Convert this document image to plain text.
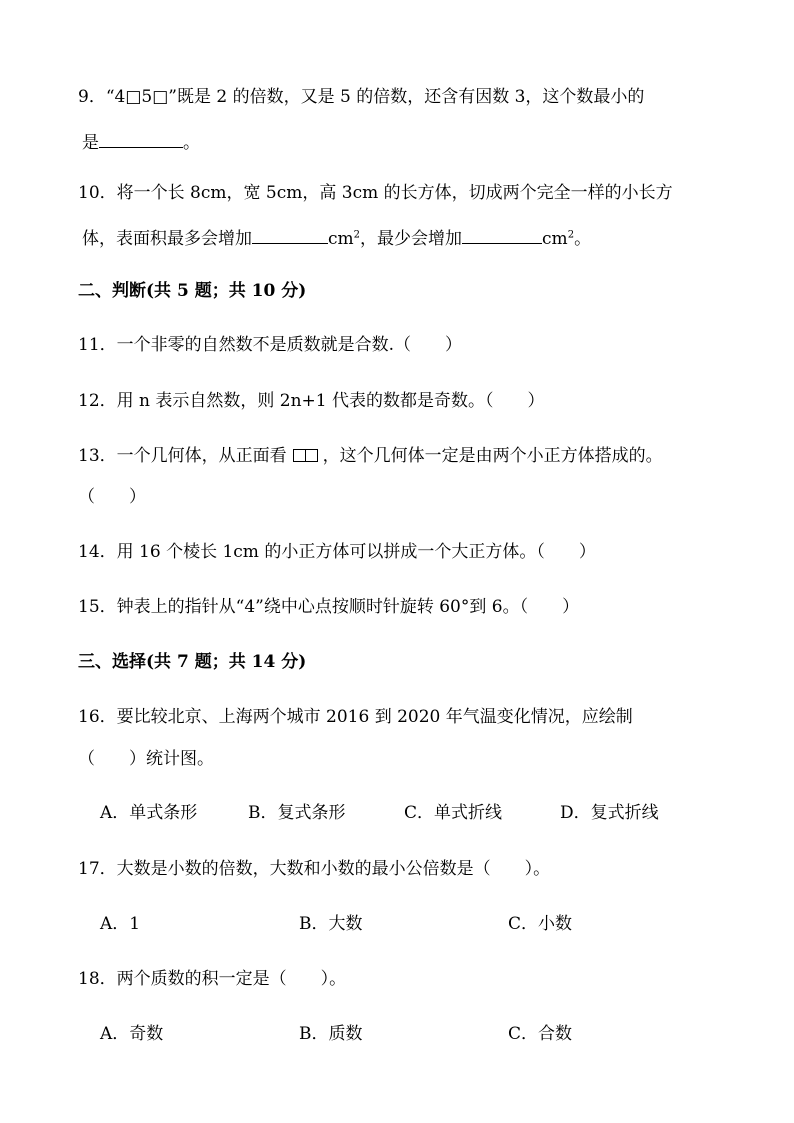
9．“4□5□”既是 2 的倍数，又是 5 的倍数，还含有因数 3，这个数最小的
是	。
10．将一个长 8cm，宽 5cm，高 3cm 的长方体，切成两个完全一样的小长方
体，表面积最多会增加	$cm^2$，最少会增加	$cm^2$。
二、判断(共 5 题；共 10 分)
11．一个非零的自然数不是质数就是合数.（　　）
12．用 n 表示自然数，则 2n+1 代表的数都是奇数。（　　）
13．一个几何体，从正面看 ，这个几何体一定是由两个小正方体搭成的。
（　　）
14．用 16 个棱长 1cm 的小正方体可以拼成一个大正方体。（　　）
15．钟表上的指针从“4”绕中心点按顺时针旋转 60°到 6。（　　）
三、选择(共 7 题；共 14 分)
16．要比较北京、上海两个城市 2016 到 2020 年气温变化情况，应绘制
（　　）统计图。
A．单式条形	B．复式条形	C．单式折线	D．复式折线
17．大数是小数的倍数，大数和小数的最小公倍数是（　　）。
A．1	B．大数	C．小数
18．两个质数的积一定是（　　）。
A．奇数	B．质数	C．合数
